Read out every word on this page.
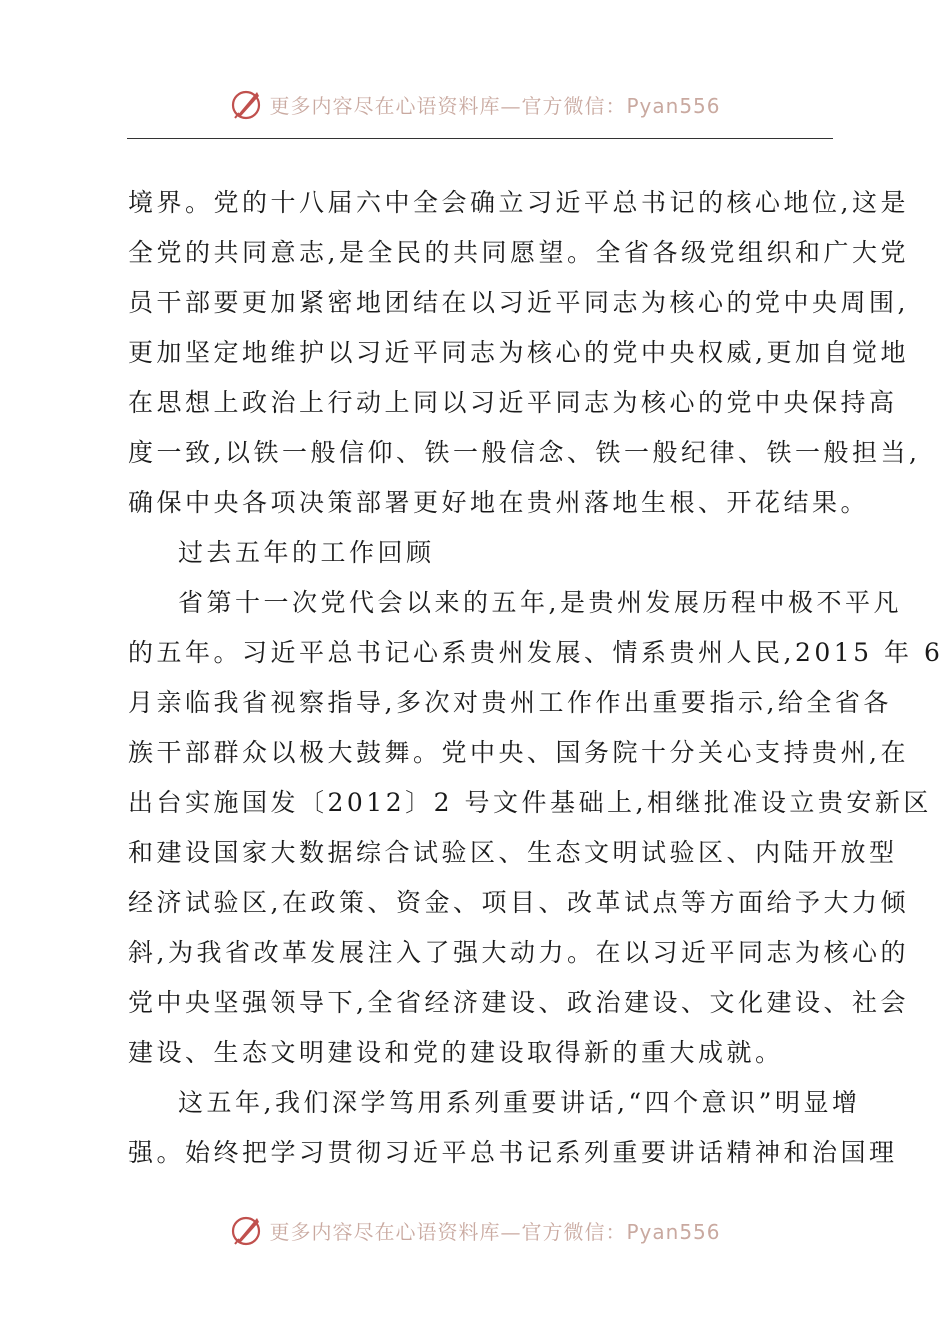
更多内容尽在心语资料库—官方微信：Pyan556
境界。党的十八届六中全会确立习近平总书记的核心地位,这是
全党的共同意志,是全民的共同愿望。全省各级党组织和广大党
员干部要更加紧密地团结在以习近平同志为核心的党中央周围,
更加坚定地维护以习近平同志为核心的党中央权威,更加自觉地
在思想上政治上行动上同以习近平同志为核心的党中央保持高
度一致,以铁一般信仰、铁一般信念、铁一般纪律、铁一般担当,
确保中央各项决策部署更好地在贵州落地生根、开花结果。
过去五年的工作回顾
省第十一次党代会以来的五年,是贵州发展历程中极不平凡
的五年。习近平总书记心系贵州发展、情系贵州人民,2015 年 6
月亲临我省视察指导,多次对贵州工作作出重要指示,给全省各
族干部群众以极大鼓舞。党中央、国务院十分关心支持贵州,在
出台实施国发〔2012〕2 号文件基础上,相继批准设立贵安新区
和建设国家大数据综合试验区、生态文明试验区、内陆开放型
经济试验区,在政策、资金、项目、改革试点等方面给予大力倾
斜,为我省改革发展注入了强大动力。在以习近平同志为核心的
党中央坚强领导下,全省经济建设、政治建设、文化建设、社会
建设、生态文明建设和党的建设取得新的重大成就。
这五年,我们深学笃用系列重要讲话,“四个意识”明显增
强。始终把学习贯彻习近平总书记系列重要讲话精神和治国理
更多内容尽在心语资料库—官方微信：Pyan556
